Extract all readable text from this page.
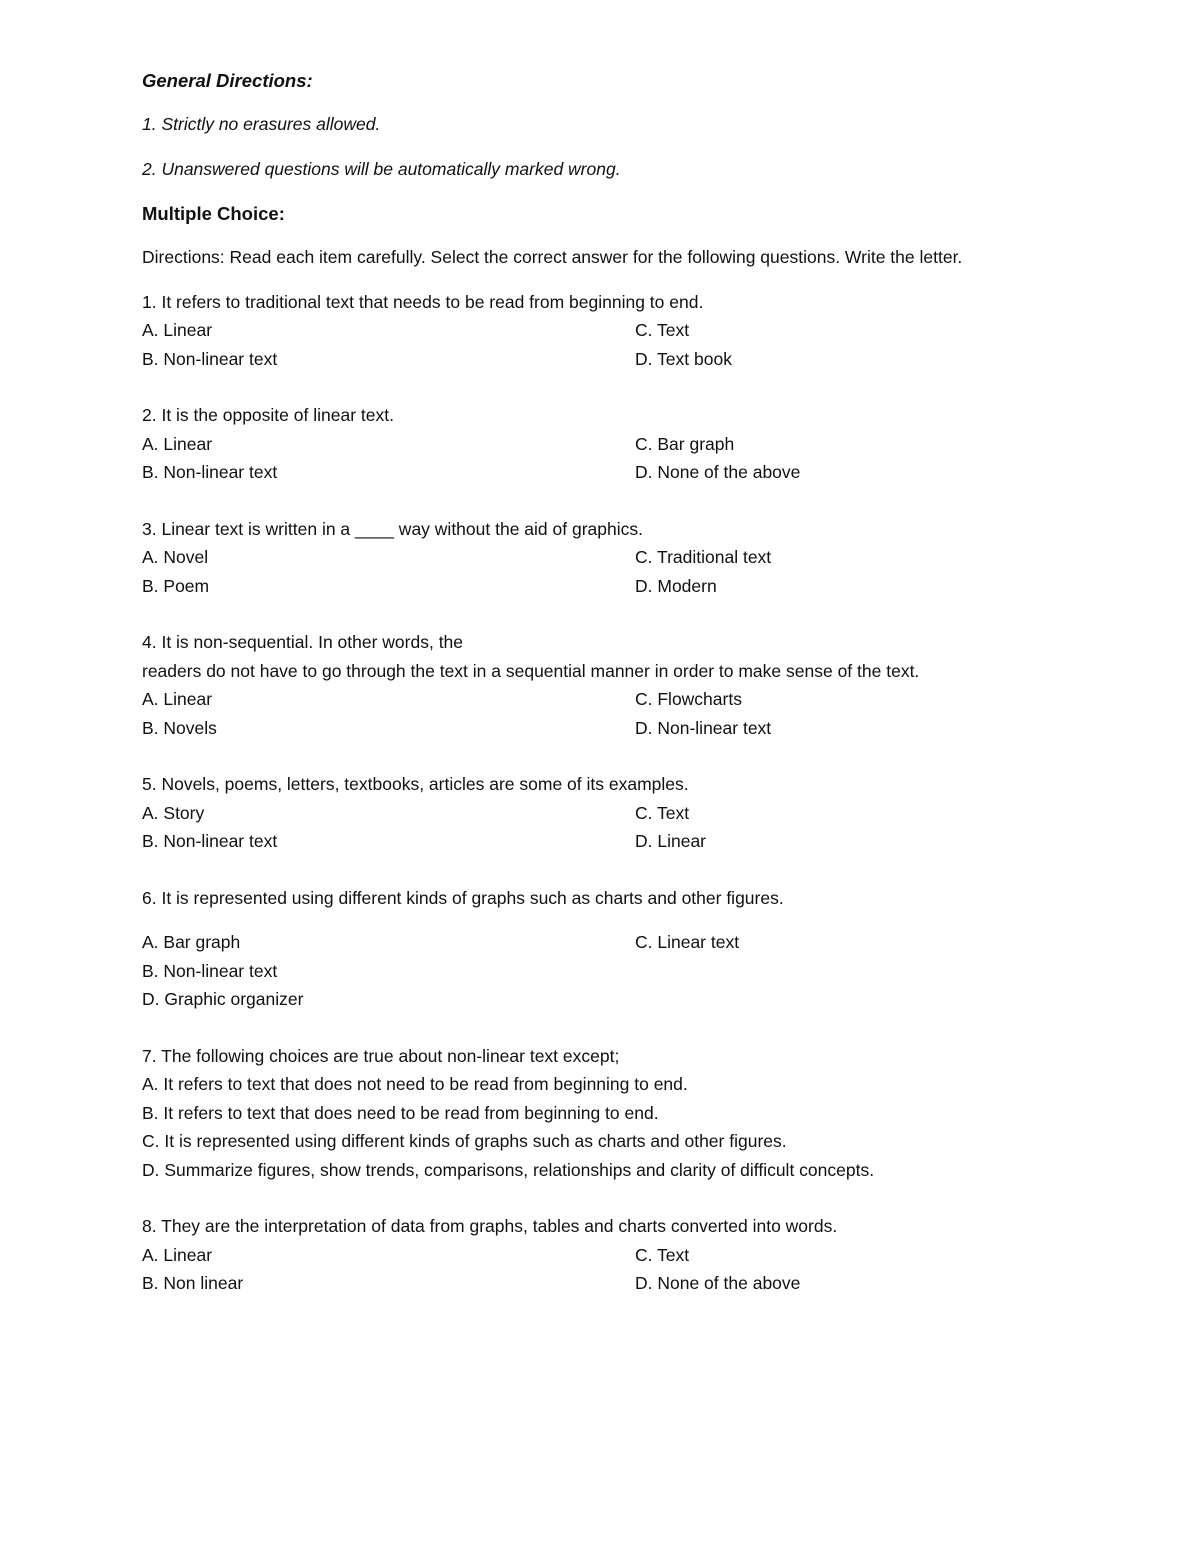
General Directions:
1. Strictly no erasures allowed.
2. Unanswered questions will be automatically marked wrong.
Multiple Choice:
Directions: Read each item carefully. Select the correct answer for the following questions. Write the letter.
1. It refers to traditional text that needs to be read from beginning to end.
A. Linear	C. Text
B. Non-linear text	D. Text book
2. It is the opposite of linear text.
A. Linear	C. Bar graph
B. Non-linear text	D. None of the above
3. Linear text is written in a ____ way without the aid of graphics.
A. Novel	C. Traditional text
B. Poem	D. Modern
4. It is non-sequential. In other words, the
readers do not have to go through the text in a sequential manner in order to make sense of the text.
A. Linear	C. Flowcharts
B. Novels	D. Non-linear text
5. Novels, poems, letters, textbooks, articles are some of its examples.
A. Story	C. Text
B. Non-linear text	D. Linear
6. It is represented using different kinds of graphs such as charts and other figures.
A. Bar graph	C. Linear text
B. Non-linear text
D. Graphic organizer
7. The following choices are true about non-linear text except;
A. It refers to text that does not need to be read from beginning to end.
B. It refers to text that does need to be read from beginning to end.
C. It is represented using different kinds of graphs such as charts and other figures.
D. Summarize figures, show trends, comparisons, relationships and clarity of difficult concepts.
8. They are the interpretation of data from graphs, tables and charts converted into words.
A. Linear	C. Text
B. Non linear	D. None of the above
